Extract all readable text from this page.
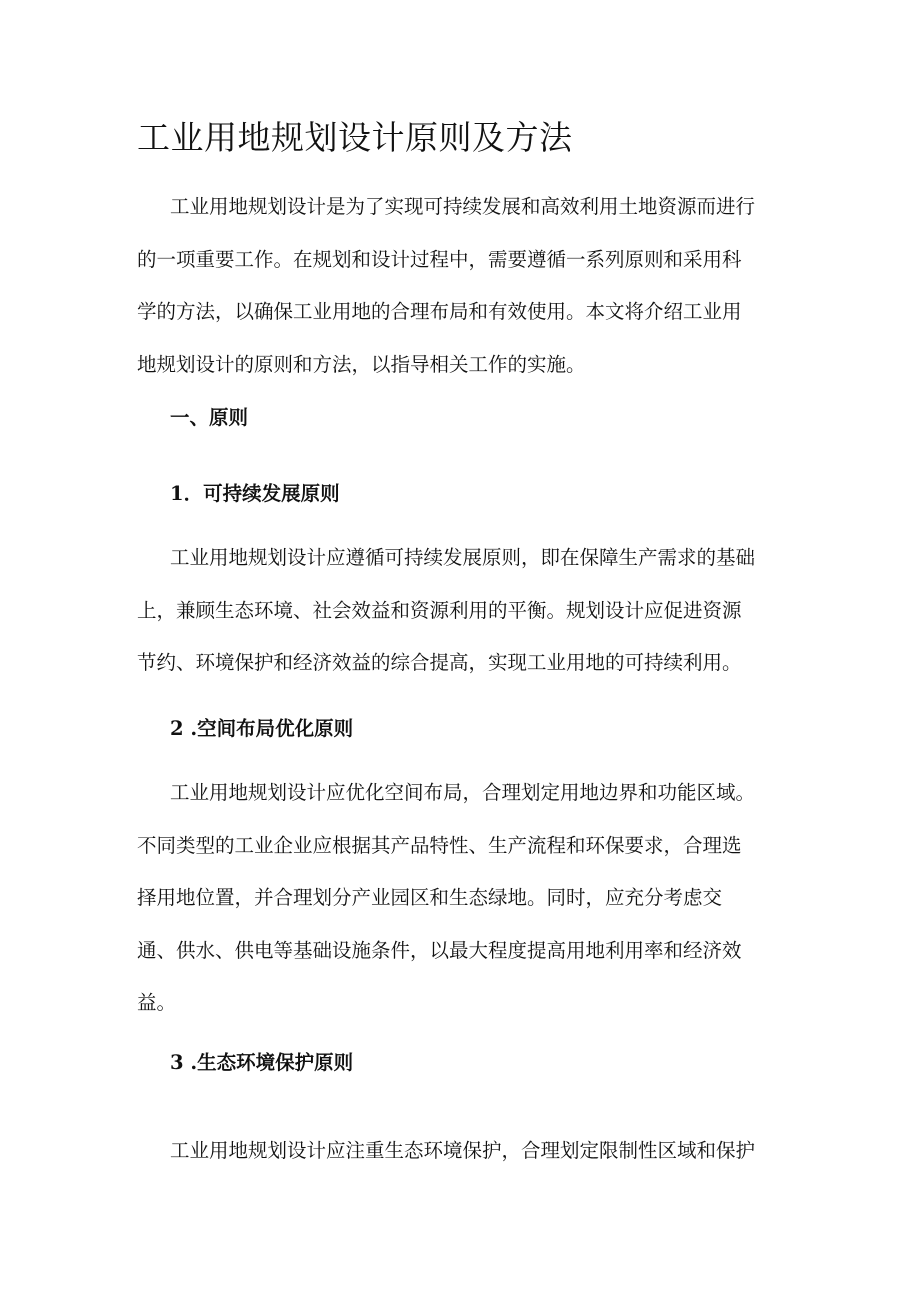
工业用地规划设计原则及方法

工业用地规划设计是为了实现可持续发展和高效利用土地资源而进行
的一项重要工作。在规划和设计过程中，需要遵循一系列原则和采用科
学的方法，以确保工业用地的合理布局和有效使用。本文将介绍工业用
地规划设计的原则和方法，以指导相关工作的实施。

一、原则
1．可持续发展原则

工业用地规划设计应遵循可持续发展原则，即在保障生产需求的基础
上，兼顾生态环境、社会效益和资源利用的平衡。规划设计应促进资源
节约、环境保护和经济效益的综合提高，实现工业用地的可持续利用。

2 .空间布局优化原则

工业用地规划设计应优化空间布局，合理划定用地边界和功能区域。
不同类型的工业企业应根据其产品特性、生产流程和环保要求，合理选
择用地位置，并合理划分产业园区和生态绿地。同时，应充分考虑交
通、供水、供电等基础设施条件，以最大程度提高用地利用率和经济效
益。

3 .生态环境保护原则

工业用地规划设计应注重生态环境保护，合理划定限制性区域和保护
